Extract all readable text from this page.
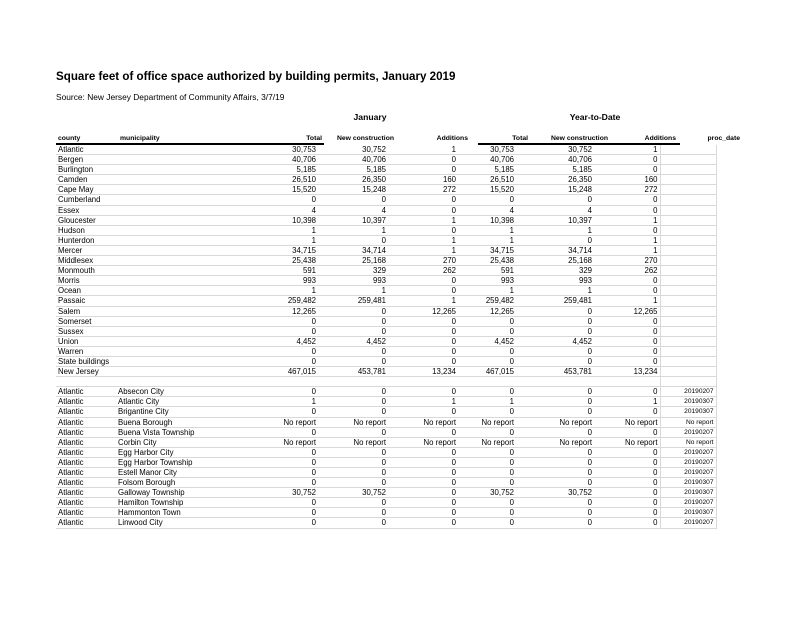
Square feet of office space authorized by building permits, January 2019
Source: New Jersey Department of Community Affairs, 3/7/19
January	Year-to-Date
county	municipality	Total	New construction	Additions	Total	New construction	Additions	proc_date
Atlantic		30,753	30,752	1	30,753	30,752	1	
Bergen		40,706	40,706	0	40,706	40,706	0	
Burlington		5,185	5,185	0	5,185	5,185	0	
Camden		26,510	26,350	160	26,510	26,350	160	
Cape May		15,520	15,248	272	15,520	15,248	272	
Cumberland		0	0	0	0	0	0	
Essex		4	4	0	4	4	0	
Gloucester		10,398	10,397	1	10,398	10,397	1	
Hudson		1	1	0	1	1	0	
Hunterdon		1	0	1	1	0	1	
Mercer		34,715	34,714	1	34,715	34,714	1	
Middlesex		25,438	25,168	270	25,438	25,168	270	
Monmouth		591	329	262	591	329	262	
Morris		993	993	0	993	993	0	
Ocean		1	1	0	1	1	0	
Passaic		259,482	259,481	1	259,482	259,481	1	
Salem		12,265	0	12,265	12,265	0	12,265	
Somerset		0	0	0	0	0	0	
Sussex		0	0	0	0	0	0	
Union		4,452	4,452	0	4,452	4,452	0	
Warren		0	0	0	0	0	0	
State buildings		0	0	0	0	0	0	
New Jersey		467,015	453,781	13,234	467,015	453,781	13,234	

Atlantic	Absecon City	0	0	0	0	0	0	20190207
Atlantic	Atlantic City	1	0	1	1	0	1	20190307
Atlantic	Brigantine City	0	0	0	0	0	0	20190307
Atlantic	Buena Borough	No report	No report	No report	No report	No report	No report	No report
Atlantic	Buena Vista Township	0	0	0	0	0	0	20190207
Atlantic	Corbin City	No report	No report	No report	No report	No report	No report	No report
Atlantic	Egg Harbor City	0	0	0	0	0	0	20190207
Atlantic	Egg Harbor Township	0	0	0	0	0	0	20190207
Atlantic	Estell Manor City	0	0	0	0	0	0	20190207
Atlantic	Folsom Borough	0	0	0	0	0	0	20190307
Atlantic	Galloway Township	30,752	30,752	0	30,752	30,752	0	20190307
Atlantic	Hamilton Township	0	0	0	0	0	0	20190207
Atlantic	Hammonton Town	0	0	0	0	0	0	20190307
Atlantic	Linwood City	0	0	0	0	0	0	20190207
